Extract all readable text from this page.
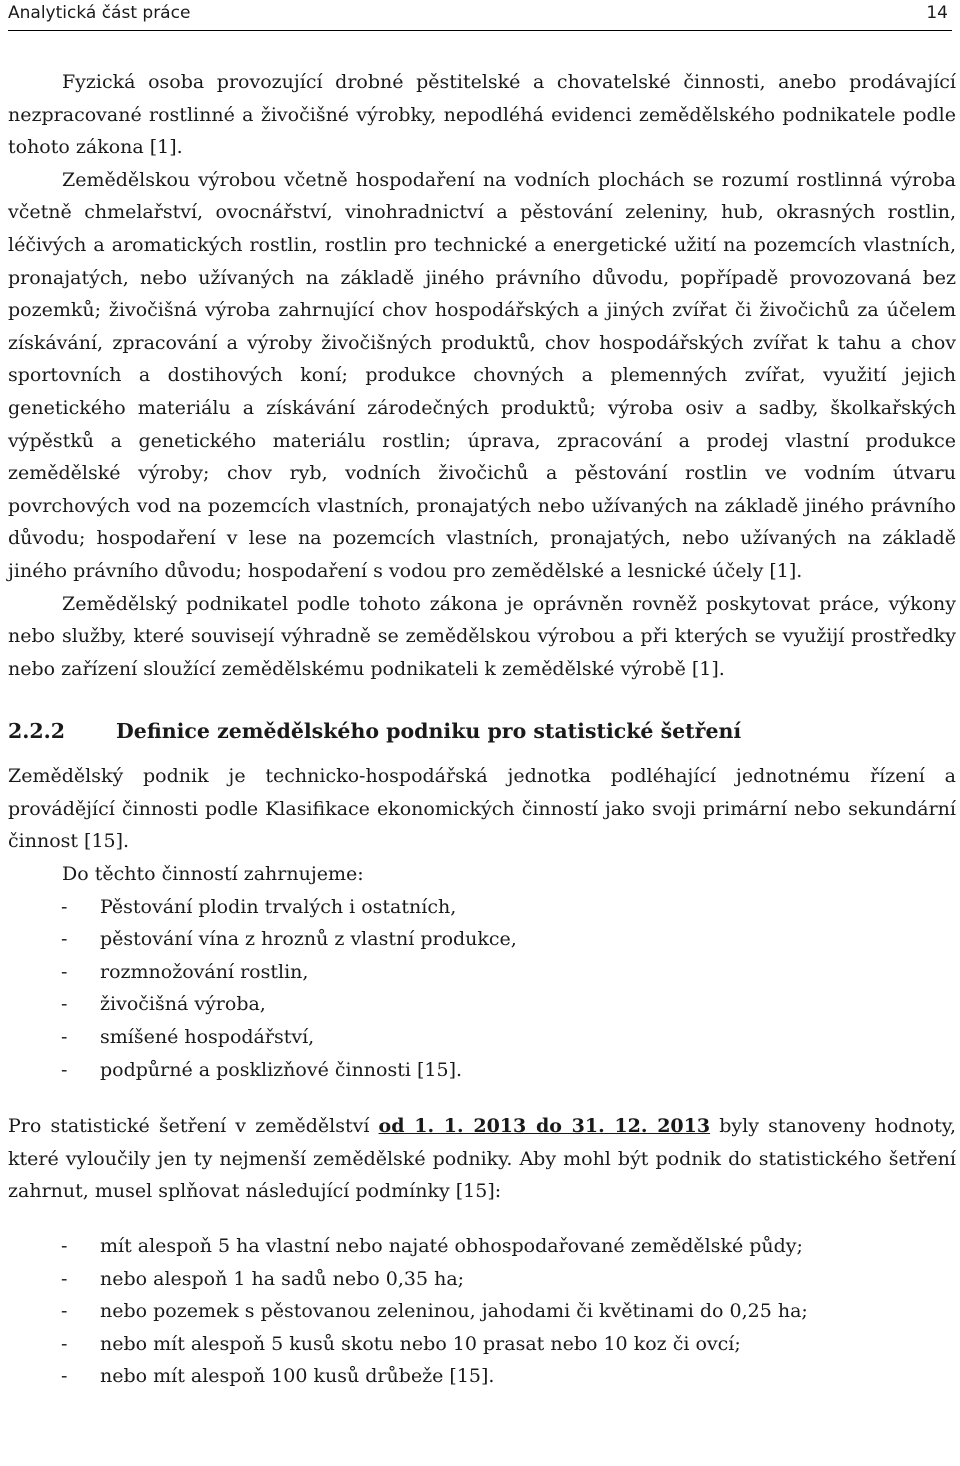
Analytická část práce	14

Fyzická osoba provozující drobné pěstitelské a chovatelské činnosti, anebo prodávající nezpracované rostlinné a živočišné výrobky, nepodléhá evidenci zemědělského podnikatele podle tohoto zákona [1].

Zemědělskou výrobou včetně hospodaření na vodních plochách se rozumí rostlinná výroba včetně chmelařství, ovocnářství, vinohradnictví a pěstování zeleniny, hub, okrasných rostlin, léčivých a aromatických rostlin, rostlin pro technické a energetické užití na pozemcích vlastních, pronajatých, nebo užívaných na základě jiného právního důvodu, popřípadě provozovaná bez pozemků; živočišná výroba zahrnující chov hospodářských a jiných zvířat či živočichů za účelem získávání, zpracování a výroby živočišných produktů, chov hospodářských zvířat k tahu a chov sportovních a dostihových koní; produkce chovných a plemenných zvířat, využití jejich genetického materiálu a získávání zárodečných produktů; výroba osiv a sadby, školkařských výpěstků a genetického materiálu rostlin; úprava, zpracování a prodej vlastní produkce zemědělské výroby; chov ryb, vodních živočichů a pěstování rostlin ve vodním útvaru povrchových vod na pozemcích vlastních, pronajatých nebo užívaných na základě jiného právního důvodu; hospodaření v lese na pozemcích vlastních, pronajatých, nebo užívaných na základě jiného právního důvodu; hospodaření s vodou pro zemědělské a lesnické účely [1].

Zemědělský podnikatel podle tohoto zákona je oprávněn rovněž poskytovat práce, výkony nebo služby, které souvisejí výhradně se zemědělskou výrobou a při kterých se využijí prostředky nebo zařízení sloužící zemědělskému podnikateli k zemědělské výrobě [1].

2.2.2 Definice zemědělského podniku pro statistické šetření

Zemědělský podnik je technicko-hospodářská jednotka podléhající jednotnému řízení a provádějící činnosti podle Klasifikace ekonomických činností jako svoji primární nebo sekundární činnost [15].

Do těchto činností zahrnujeme:

- Pěstování plodin trvalých i ostatních,
- pěstování vína z hroznů z vlastní produkce,
- rozmnožování rostlin,
- živočišná výroba,
- smíšené hospodářství,
- podpůrné a posklizňové činnosti [15].

Pro statistické šetření v zemědělství od 1. 1. 2013 do 31. 12. 2013 byly stanoveny hodnoty, které vyloučily jen ty nejmenší zemědělské podniky. Aby mohl být podnik do statistického šetření zahrnut, musel splňovat následující podmínky [15]:

- mít alespoň 5 ha vlastní nebo najaté obhospodařované zemědělské půdy;
- nebo alespoň 1 ha sadů nebo 0,35 ha;
- nebo pozemek s pěstovanou zeleninou, jahodami či květinami do 0,25 ha;
- nebo mít alespoň 5 kusů skotu nebo 10 prasat nebo 10 koz či ovcí;
- nebo mít alespoň 100 kusů drůbeže [15].
